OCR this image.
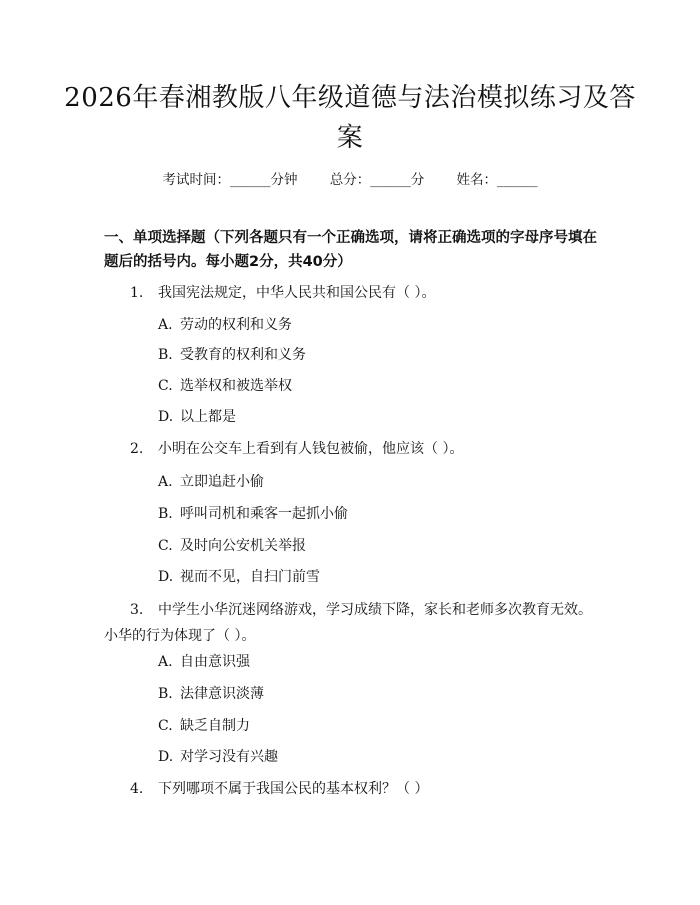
2026年春湘教版八年级道德与法治模拟练习及答案
考试时间：______分钟 总分：______分 姓名：______
一、单项选择题（下列各题只有一个正确选项，请将正确选项的字母序号填在题后的括号内。每小题2分，共40分）
1. 我国宪法规定，中华人民共和国公民有（ ）。
A. 劳动的权利和义务
B. 受教育的权利和义务
C. 选举权和被选举权
D. 以上都是
2. 小明在公交车上看到有人钱包被偷，他应该（ ）。
A. 立即追赶小偷
B. 呼叫司机和乘客一起抓小偷
C. 及时向公安机关举报
D. 视而不见，自扫门前雪
3. 中学生小华沉迷网络游戏，学习成绩下降，家长和老师多次教育无效。小华的行为体现了（ ）。
A. 自由意识强
B. 法律意识淡薄
C. 缺乏自制力
D. 对学习没有兴趣
4. 下列哪项不属于我国公民的基本权利？（ ）
